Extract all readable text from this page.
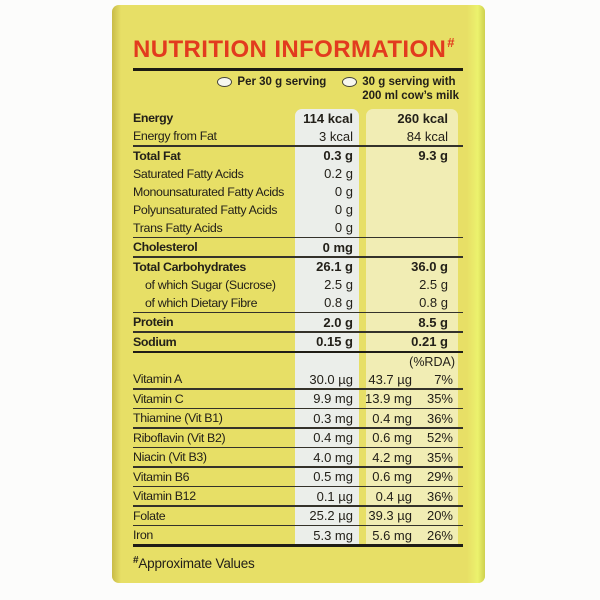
NUTRITION INFORMATION#
Per 30 g serving	30 g serving with
200 ml cow’s milk
Energy	114 kcal	260 kcal
Energy from Fat	3 kcal	84 kcal
Total Fat	0.3 g	9.3 g
Saturated Fatty Acids	0.2 g
Monounsaturated Fatty Acids	0 g
Polyunsaturated Fatty Acids	0 g
Trans Fatty Acids	0 g
Cholesterol	0 mg
Total Carbohydrates	26.1 g	36.0 g
of which Sugar (Sucrose)	2.5 g	2.5 g
of which Dietary Fibre	0.8 g	0.8 g
Protein	2.0 g	8.5 g
Sodium	0.15 g	0.21 g
(%RDA)
Vitamin A	30.0 µg	43.7 µg	7%
Vitamin C	9.9 mg 13.9 mg	35%
Thiamine (Vit B1)	0.3 mg	0.4 mg	36%
Riboflavin (Vit B2)	0.4 mg	0.6 mg	52%
Niacin (Vit B3)	4.0 mg	4.2 mg	35%
Vitamin B6	0.5 mg	0.6 mg	29%
Vitamin B12	0.1 µg	0.4 µg	36%
Folate	25.2 µg	39.3 µg	20%
Iron	5.3 mg	5.6 mg	26%
#Approximate Values
